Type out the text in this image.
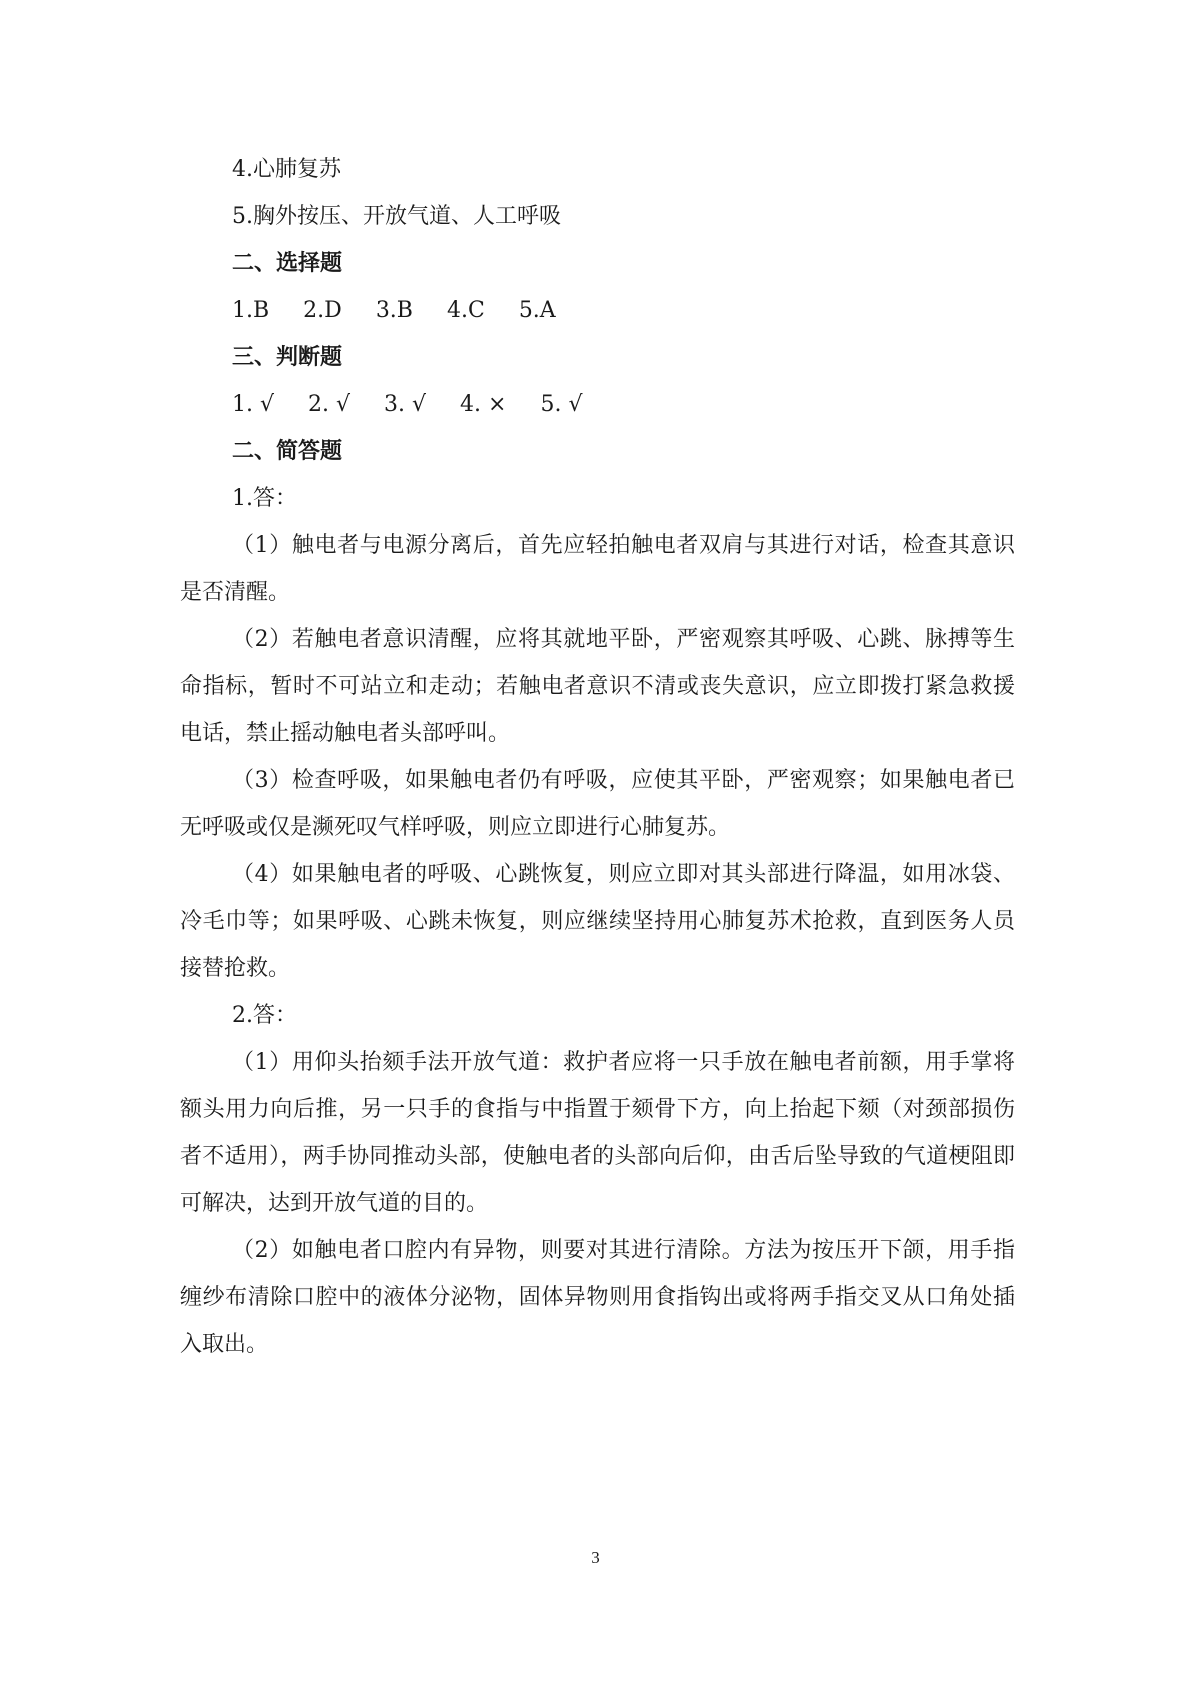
4.心肺复苏

5.胸外按压、开放气道、人工呼吸

二、选择题

1.B 2.D 3.B 4.C 5.A

三、判断题

1. √ 2. √ 3. √ 4. × 5. √

二、简答题

1.答：

（1）触电者与电源分离后，首先应轻拍触电者双肩与其进行对话，检查其意识是否清醒。

（2）若触电者意识清醒，应将其就地平卧，严密观察其呼吸、心跳、脉搏等生命指标，暂时不可站立和走动；若触电者意识不清或丧失意识，应立即拨打紧急救援电话，禁止摇动触电者头部呼叫。

（3）检查呼吸，如果触电者仍有呼吸，应使其平卧，严密观察；如果触电者已无呼吸或仅是濒死叹气样呼吸，则应立即进行心肺复苏。

（4）如果触电者的呼吸、心跳恢复，则应立即对其头部进行降温，如用冰袋、冷毛巾等；如果呼吸、心跳未恢复，则应继续坚持用心肺复苏术抢救，直到医务人员接替抢救。

2.答：

（1）用仰头抬颏手法开放气道：救护者应将一只手放在触电者前额，用手掌将额头用力向后推，另一只手的食指与中指置于颏骨下方，向上抬起下颏（对颈部损伤者不适用），两手协同推动头部，使触电者的头部向后仰，由舌后坠导致的气道梗阻即可解决，达到开放气道的目的。

（2）如触电者口腔内有异物，则要对其进行清除。方法为按压开下颌，用手指缠纱布清除口腔中的液体分泌物，固体异物则用食指钩出或将两手指交叉从口角处插入取出。

3
